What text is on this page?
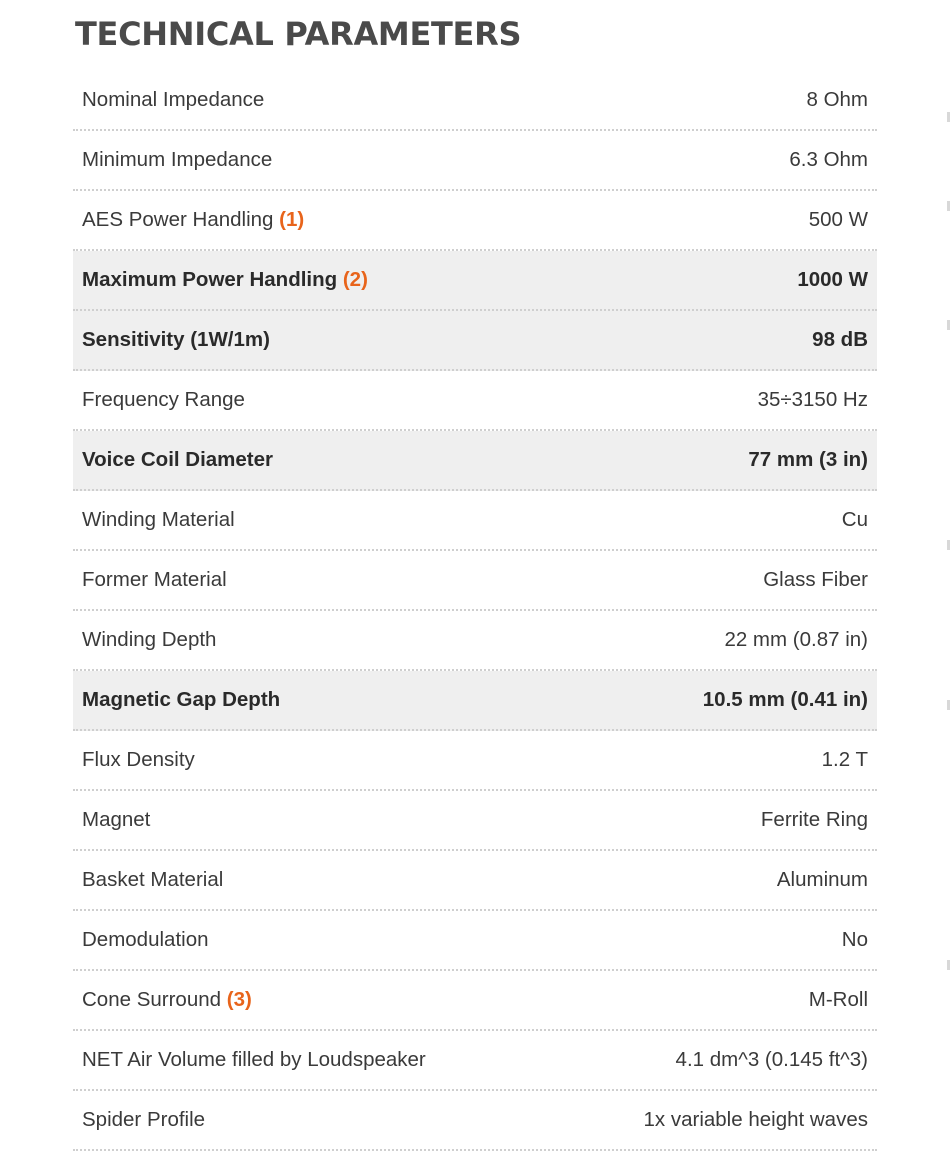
TECHNICAL PARAMETERS
Nominal Impedance	8 Ohm
Minimum Impedance	6.3 Ohm
AES Power Handling (1)	500 W
Maximum Power Handling (2)	1000 W
Sensitivity (1W/1m)	98 dB
Frequency Range	35÷3150 Hz
Voice Coil Diameter	77 mm (3 in)
Winding Material	Cu
Former Material	Glass Fiber
Winding Depth	22 mm (0.87 in)
Magnetic Gap Depth	10.5 mm (0.41 in)
Flux Density	1.2 T
Magnet	Ferrite Ring
Basket Material	Aluminum
Demodulation	No
Cone Surround (3)	M-Roll
NET Air Volume filled by Loudspeaker	4.1 dm^3 (0.145 ft^3)
Spider Profile	1x variable height waves
